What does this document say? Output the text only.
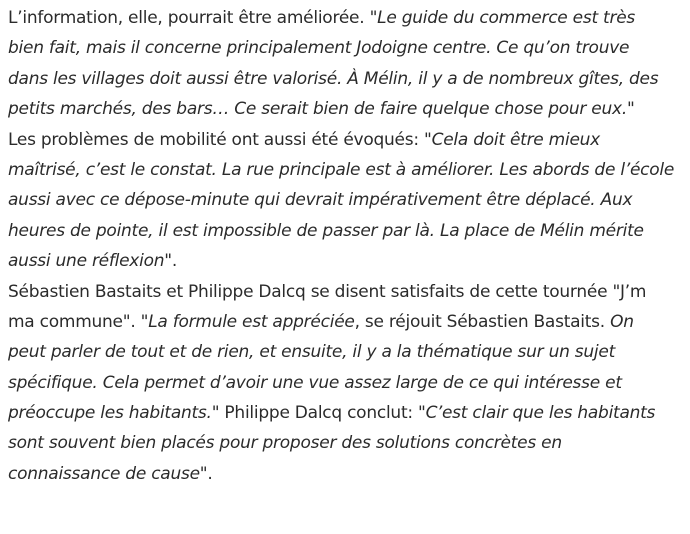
L’information, elle, pourrait être améliorée. "Le guide du commerce est très
bien fait, mais il concerne principalement Jodoigne centre. Ce qu’on trouve
dans les villages doit aussi être valorisé. À Mélin, il y a de nombreux gîtes, des
petits marchés, des bars… Ce serait bien de faire quelque chose pour eux."

Les problèmes de mobilité ont aussi été évoqués: "Cela doit être mieux
maîtrisé, c’est le constat. La rue principale est à améliorer. Les abords de l’école
aussi avec ce dépose-minute qui devrait impérativement être déplacé. Aux
heures de pointe, il est impossible de passer par là. La place de Mélin mérite
aussi une réflexion".

Sébastien Bastaits et Philippe Dalcq se disent satisfaits de cette tournée "J’m
ma commune". "La formule est appréciée, se réjouit Sébastien Bastaits. On
peut parler de tout et de rien, et ensuite, il y a la thématique sur un sujet
spécifique. Cela permet d’avoir une vue assez large de ce qui intéresse et
préoccupe les habitants." Philippe Dalcq conclut: "C’est clair que les habitants
sont souvent bien placés pour proposer des solutions concrètes en
connaissance de cause".
